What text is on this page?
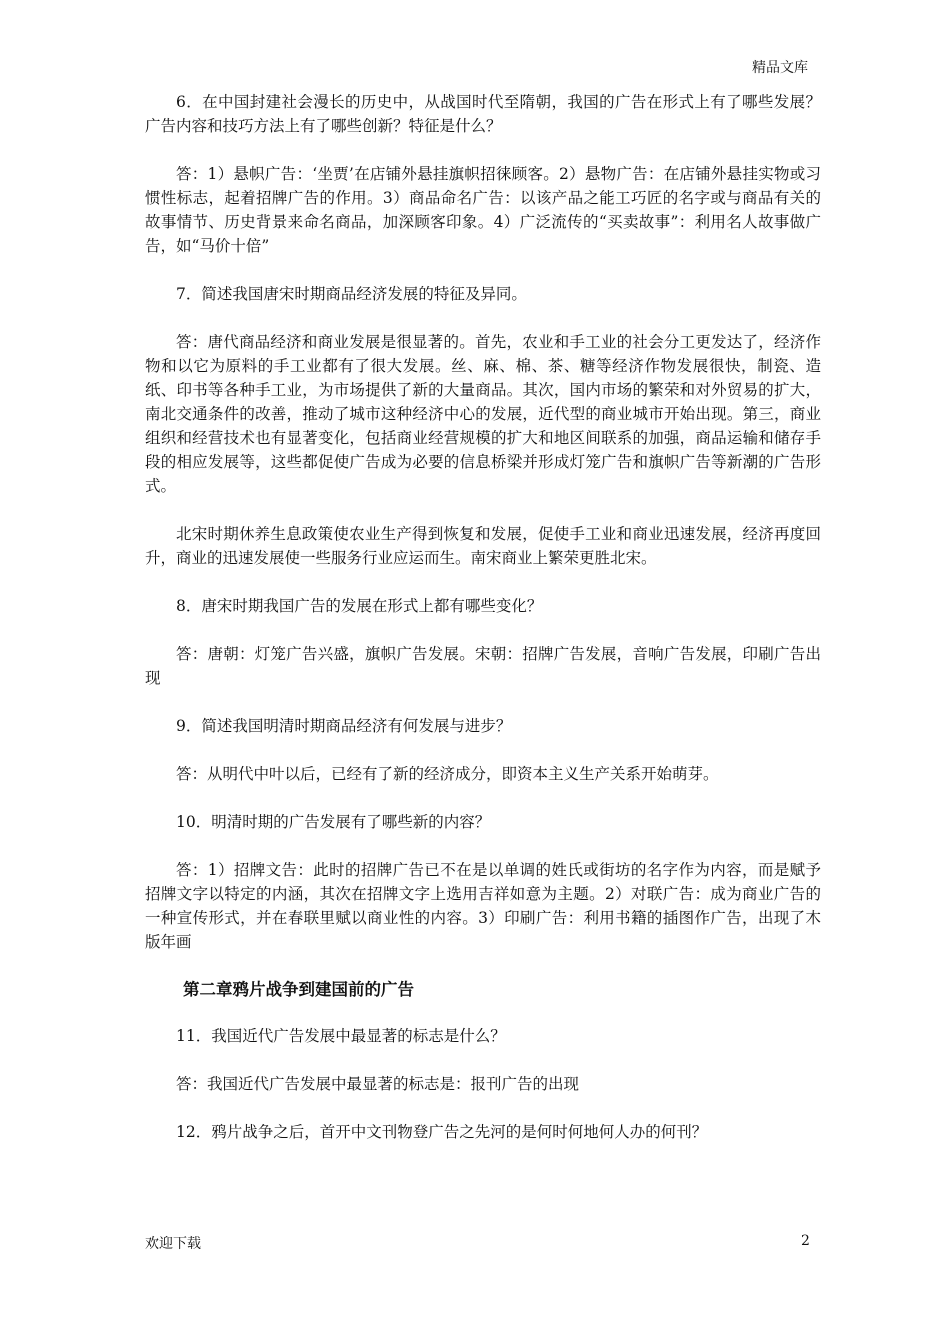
精品文库

6．在中国封建社会漫长的历史中，从战国时代至隋朝，我国的广告在形式上有了哪些发展？广告内容和技巧方法上有了哪些创新？特征是什么？

答：1）悬帜广告：‘坐贾’在店铺外悬挂旗帜招徕顾客。2）悬物广告：在店铺外悬挂实物或习惯性标志，起着招牌广告的作用。3）商品命名广告：以该产品之能工巧匠的名字或与商品有关的故事情节、历史背景来命名商品，加深顾客印象。4）广泛流传的“买卖故事”：利用名人故事做广告，如“马价十倍”

7．简述我国唐宋时期商品经济发展的特征及异同。

答：唐代商品经济和商业发展是很显著的。首先，农业和手工业的社会分工更发达了，经济作物和以它为原料的手工业都有了很大发展。丝、麻、棉、茶、糖等经济作物发展很快，制瓷、造纸、印书等各种手工业，为市场提供了新的大量商品。其次，国内市场的繁荣和对外贸易的扩大，南北交通条件的改善，推动了城市这种经济中心的发展，近代型的商业城市开始出现。第三，商业组织和经营技术也有显著变化，包括商业经营规模的扩大和地区间联系的加强，商品运输和储存手段的相应发展等，这些都促使广告成为必要的信息桥梁并形成灯笼广告和旗帜广告等新潮的广告形式。

北宋时期休养生息政策使农业生产得到恢复和发展，促使手工业和商业迅速发展，经济再度回升，商业的迅速发展使一些服务行业应运而生。南宋商业上繁荣更胜北宋。

8．唐宋时期我国广告的发展在形式上都有哪些变化？

答：唐朝：灯笼广告兴盛，旗帜广告发展。宋朝：招牌广告发展，音响广告发展，印刷广告出现

9．简述我国明清时期商品经济有何发展与进步？

答：从明代中叶以后，已经有了新的经济成分，即资本主义生产关系开始萌芽。

10．明清时期的广告发展有了哪些新的内容？

答：1）招牌文告：此时的招牌广告已不在是以单调的姓氏或街坊的名字作为内容，而是赋予招牌文字以特定的内涵，其次在招牌文字上选用吉祥如意为主题。2）对联广告：成为商业广告的一种宣传形式，并在春联里赋以商业性的内容。3）印刷广告：利用书籍的插图作广告，出现了木版年画

第二章鸦片战争到建国前的广告

11．我国近代广告发展中最显著的标志是什么？

答：我国近代广告发展中最显著的标志是：报刊广告的出现

12．鸦片战争之后，首开中文刊物登广告之先河的是何时何地何人办的何刊？

欢迎下载	2
